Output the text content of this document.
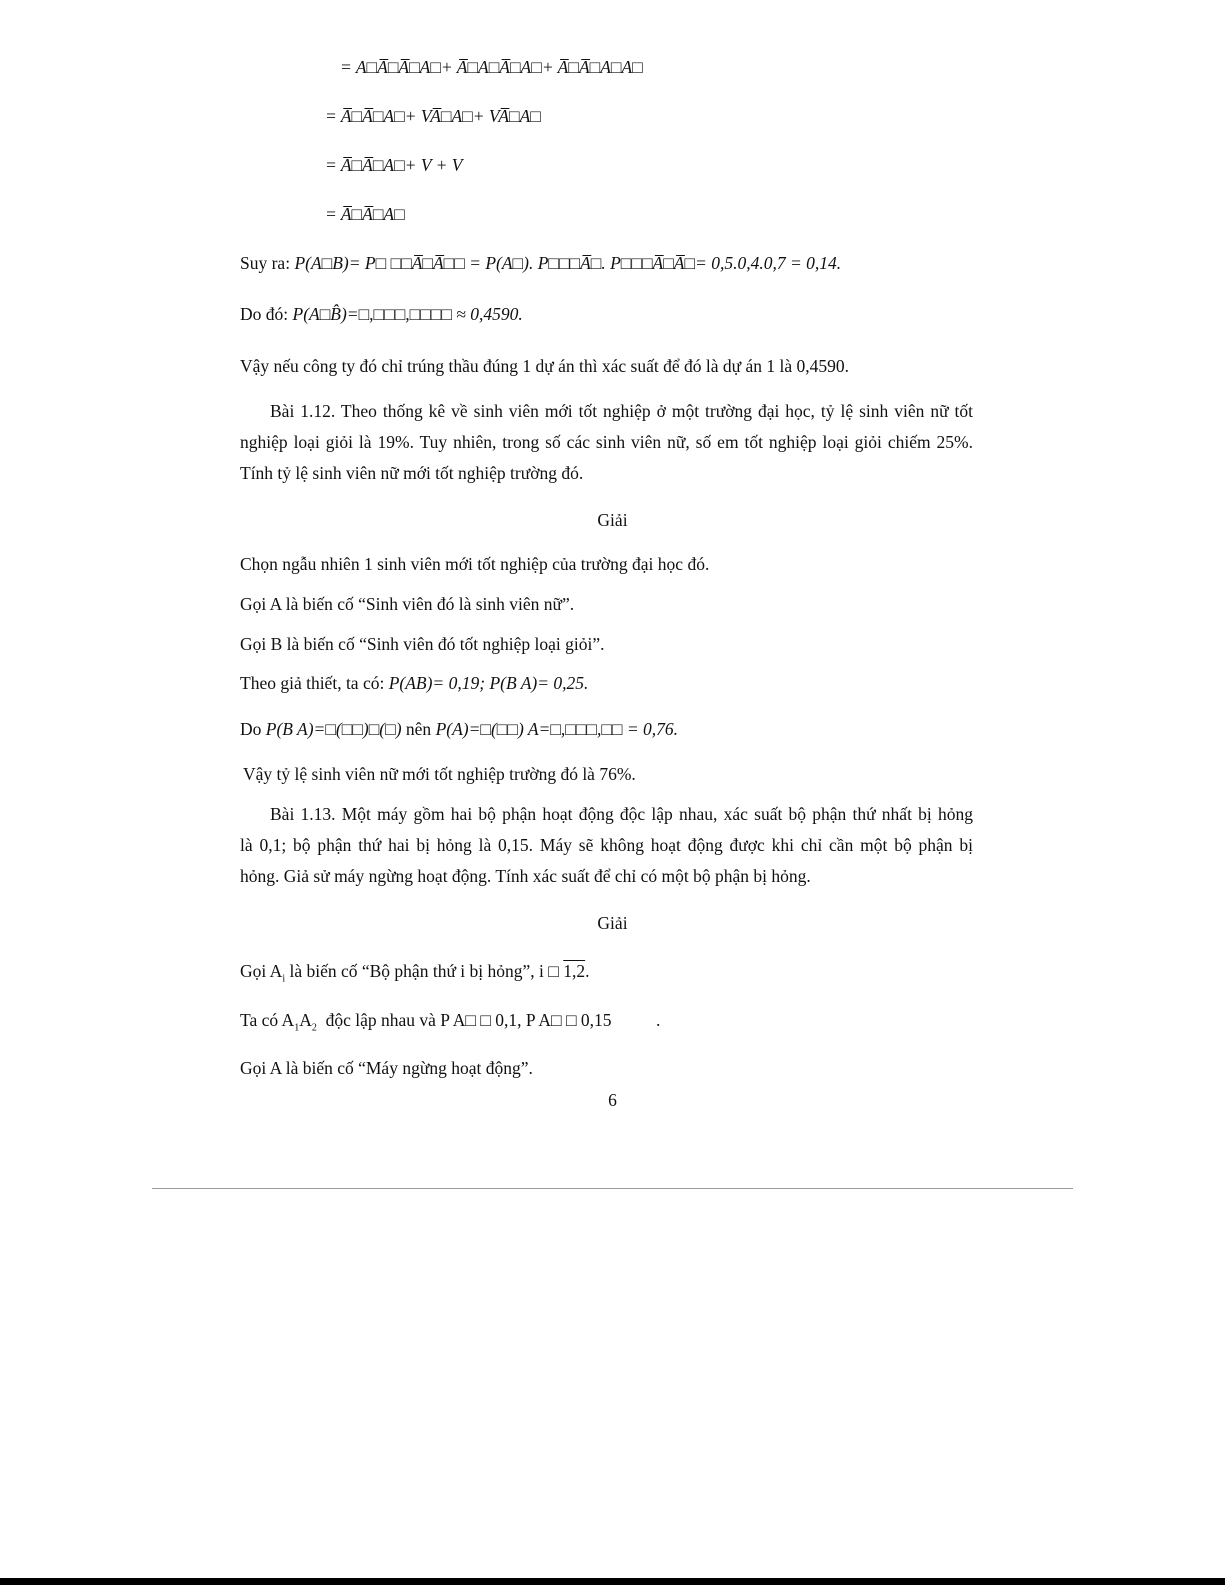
= A□A̅□A̅□A□+ A̅□A□A̅□A□+ A̅□A̅□A□A□
= A̅□A̅□A□+ VA̅□A□+ VA̅□A□
= A̅□A̅□A□+ V + V
= A̅□A̅□A□
Suy ra: P(A□B)= P□ □□A̅□A̅□□ = P(A□). P□□□A̅□. P□□□A̅□A̅□= 0,5.0,4.0,7 = 0,14.
Do đó: P(A□B̂)=□,□□□,□□□□ ≈ 0,4590.
Vậy nếu công ty đó chỉ trúng thầu đúng 1 dự án thì xác suất để đó là dự án 1 là 0,4590.
Bài 1.12. Theo thống kê về sinh viên mới tốt nghiệp ở một trường đại học, tỷ lệ sinh viên nữ tốt
nghiệp loại giỏi là 19%. Tuy nhiên, trong số các sinh viên nữ, số em tốt nghiệp loại giỏi chiếm 25%.
Tính tỷ lệ sinh viên nữ mới tốt nghiệp trường đó.
Giải
Chọn ngẫu nhiên 1 sinh viên mới tốt nghiệp của trường đại học đó.
Gọi A là biến cố “Sinh viên đó là sinh viên nữ”.
Gọi B là biến cố “Sinh viên đó tốt nghiệp loại giỏi”.
Theo giả thiết, ta có: P(AB)= 0,19; P(B A)= 0,25.
Do P(B A)=□(□□)□(□) nên P(A)=□(□□) A=□,□□□,□□ = 0,76.
Vậy tỷ lệ sinh viên nữ mới tốt nghiệp trường đó là 76%.
Bài 1.13. Một máy gồm hai bộ phận hoạt động độc lập nhau, xác suất bộ phận thứ nhất bị hỏng
là 0,1; bộ phận thứ hai bị hỏng là 0,15. Máy sẽ không hoạt động được khi chỉ cần một bộ phận bị
hỏng. Giả sử máy ngừng hoạt động. Tính xác suất để chỉ có một bộ phận bị hỏng.
Giải
Gọi $A_i$ là biến cố “Bộ phận thứ i bị hỏng”, i □ 1,2.
Ta có $A_1A_2$ độc lập nhau và P A□ □ 0,1, P A□ □ 0,15	.
Gọi A là biến cố “Máy ngừng hoạt động”.
6
